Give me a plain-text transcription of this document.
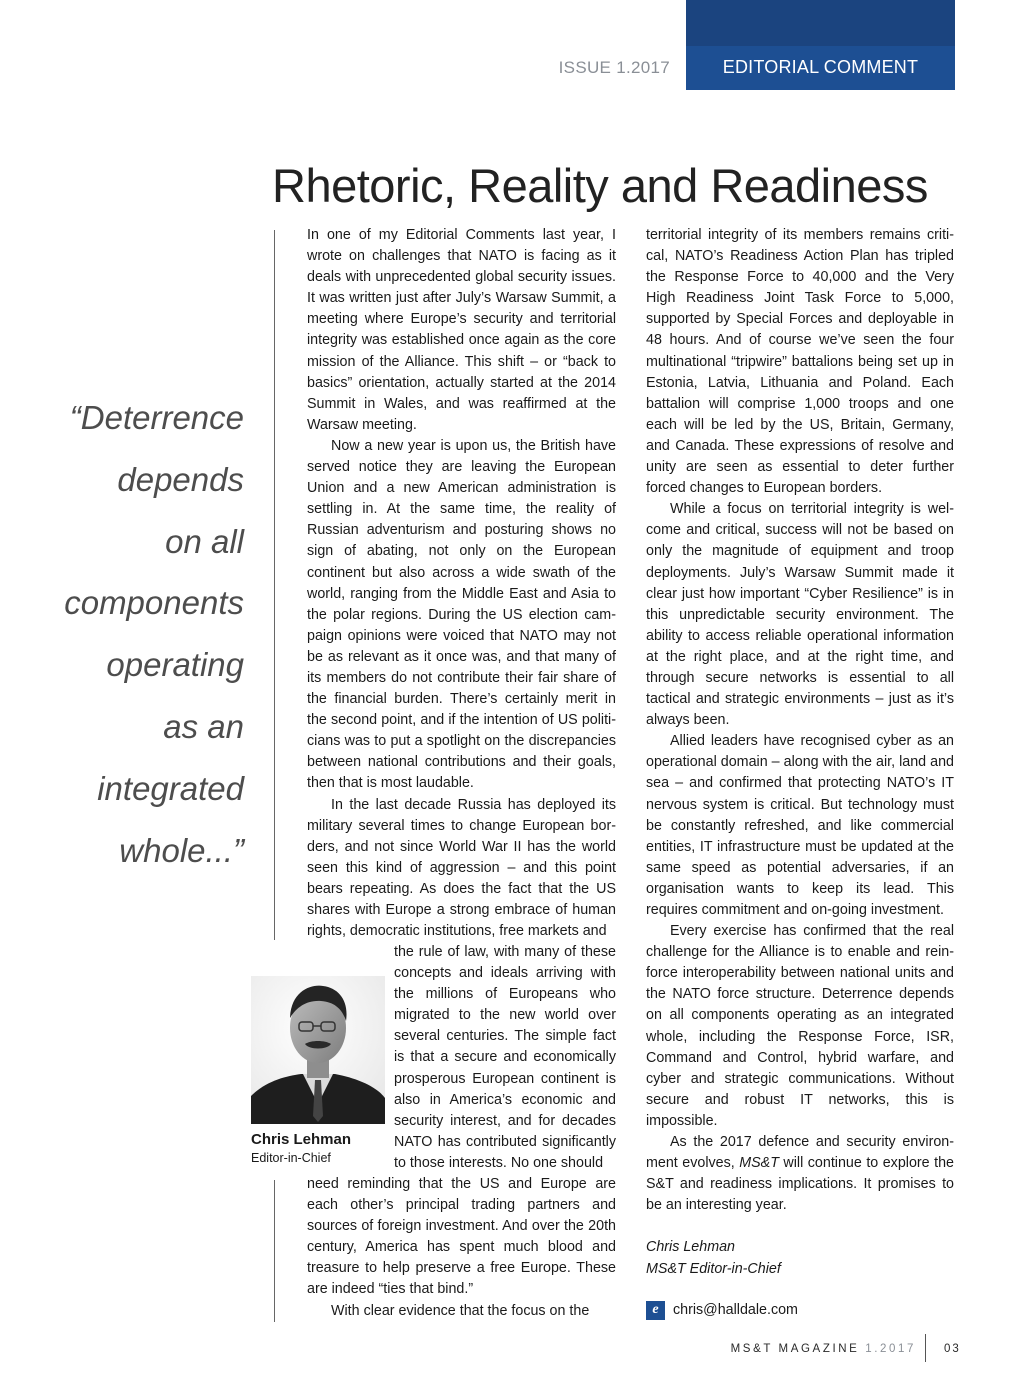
ISSUE 1.2017	EDITORIAL COMMENT
Rhetoric, Reality and Readiness
“Deterrence
depends
on all
components
operating
as an
integrated
whole...”

In one of my Editorial Comments last year, I wrote on challenges that NATO is facing as it deals with unprecedented global security issues. It was written just after July’s Warsaw Summit, a meeting where Europe’s security and territorial integrity was established once again as the core mission of the Alliance. This shift – or “back to basics” orientation, actually started at the 2014 Summit in Wales, and was reaffirmed at the Warsaw meeting.

Now a new year is upon us, the British have served notice they are leaving the European Union and a new American administration is settling in. At the same time, the reality of Russian adventurism and posturing shows no sign of abating, not only on the European continent but also across a wide swath of the world, ranging from the Middle East and Asia to the polar regions. During the US election campaign opinions were voiced that NATO may not be as relevant as it once was, and that many of its members do not contribute their fair share of the financial burden. There’s certainly merit in the second point, and if the intention of US politicians was to put a spotlight on the discrepancies between national contributions and their goals, then that is most laudable.

In the last decade Russia has deployed its military several times to change European borders, and not since World War II has the world seen this kind of aggression – and this point bears repeating. As does the fact that the US shares with Europe a strong embrace of human rights, democratic institutions, free markets and

the rule of law, with many of these concepts and ideals arriving with the millions of Europeans who migrated to the new world over several centuries. The simple fact is that a secure and economically prosperous European continent is also in America’s economic and security interest, and for decades NATO has contributed significantly to those interests. No one should

Chris Lehman
Editor-in-Chief

need reminding that the US and Europe are each other’s principal trading partners and sources of foreign investment. And over the 20th century, America has spent much blood and treasure to help preserve a free Europe. These are indeed “ties that bind.”

With clear evidence that the focus on the

territorial integrity of its members remains critical, NATO’s Readiness Action Plan has tripled the Response Force to 40,000 and the Very High Readiness Joint Task Force to 5,000, supported by Special Forces and deployable in 48 hours. And of course we’ve seen the four multinational “tripwire” battalions being set up in Estonia, Latvia, Lithuania and Poland. Each battalion will comprise 1,000 troops and one each will be led by the US, Britain, Germany, and Canada. These expressions of resolve and unity are seen as essential to deter further forced changes to European borders.

While a focus on territorial integrity is welcome and critical, success will not be based on only the magnitude of equipment and troop deployments. July’s Warsaw Summit made it clear just how important “Cyber Resilience” is in this unpredictable security environment. The ability to access reliable operational information at the right place, and at the right time, and through secure networks is essential to all tactical and strategic environments – just as it’s always been.

Allied leaders have recognised cyber as an operational domain – along with the air, land and sea – and confirmed that protecting NATO’s IT nervous system is critical. But technology must be constantly refreshed, and like commercial entities, IT infrastructure must be updated at the same speed as potential adversaries, if an organisation wants to keep its lead. This requires commitment and on-going investment.

Every exercise has confirmed that the real challenge for the Alliance is to enable and reinforce interoperability between national units and the NATO force structure. Deterrence depends on all components operating as an integrated whole, including the Response Force, ISR, Command and Control, hybrid warfare, and cyber and strategic communications. Without secure and robust IT networks, this is impossible.

As the 2017 defence and security environment evolves, MS&T will continue to explore the S&T and readiness implications. It promises to be an interesting year.

Chris Lehman
MS&T Editor-in-Chief
e	chris@halldale.com
MS&T MAGAZINE 1.2017 03
